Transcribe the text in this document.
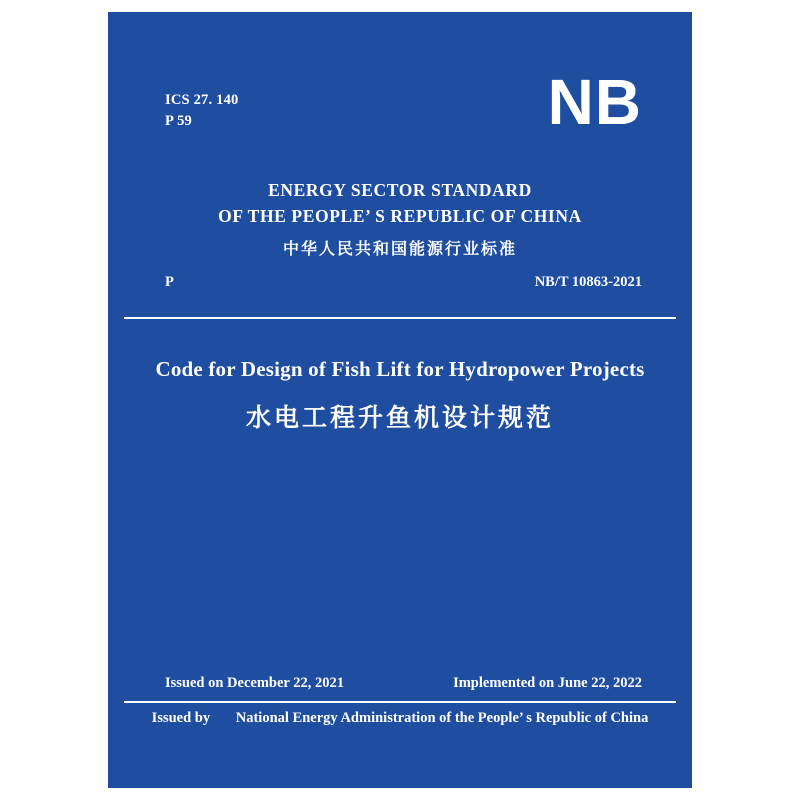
ICS 27. 140
P 59	NB
ENERGY SECTOR STANDARD
OF THE PEOPLE’ S REPUBLIC OF CHINA
中华人民共和国能源行业标准
P	NB/T 10863-2021
Code for Design of Fish Lift for Hydropower Projects
水电工程升鱼机设计规范
Issued on December 22, 2021	Implemented on June 22, 2022
Issued by National Energy Administration of the People’ s Republic of China
